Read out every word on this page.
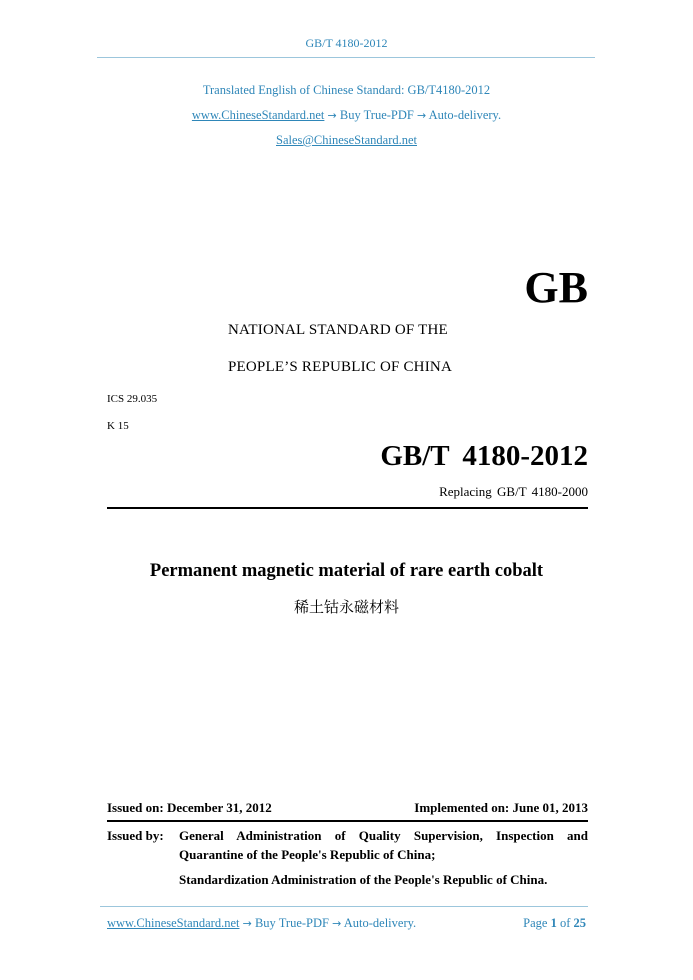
GB/T 4180-2012
Translated English of Chinese Standard: GB/T4180-2012
www.ChineseStandard.net → Buy True-PDF → Auto-delivery.
Sales@ChineseStandard.net
GB
NATIONAL STANDARD OF THE
PEOPLE’S REPUBLIC OF CHINA
ICS 29.035
K 15
GB/T 4180-2012
Replacing GB/T 4180-2000
Permanent magnetic material of rare earth cobalt
稀土钴永磁材料
Issued on: December 31, 2012	Implemented on: June 01, 2013
Issued by:	General Administration of Quality Supervision, Inspection and Quarantine of the People's Republic of China;
Standardization Administration of the People's Republic of China.
www.ChineseStandard.net → Buy True-PDF → Auto-delivery.	Page 1 of 25
